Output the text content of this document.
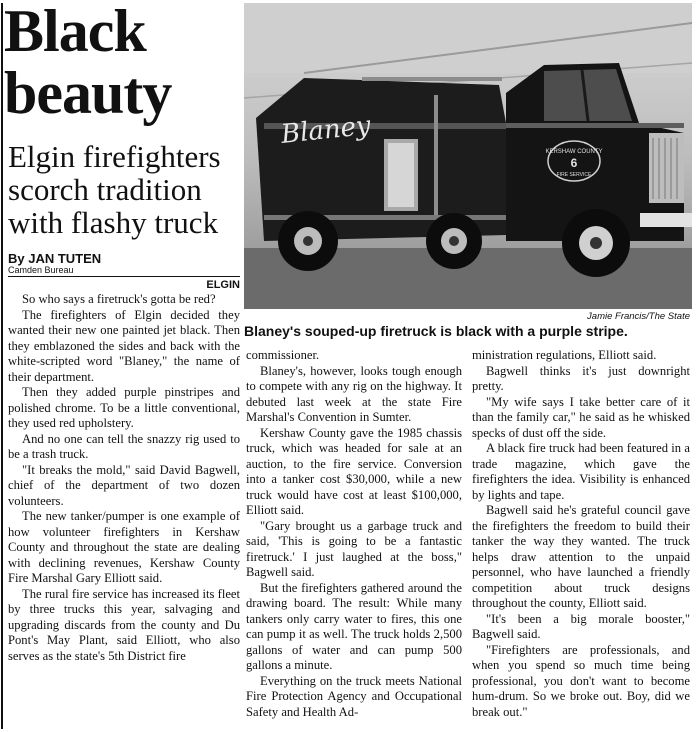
Black
beauty
Elgin firefighters
scorch tradition
with flashy truck
By JAN TUTEN
Camden Bureau
ELGIN

So who says a firetruck's gotta be red?

The firefighters of Elgin decided they wanted their new one painted jet black. Then they emblazoned the sides and back with the white-scripted word "Blaney," the name of their department.

Then they added purple pinstripes and polished chrome. To be a little conventional, they used red upholstery.

And no one can tell the snazzy rig used to be a trash truck.

"It breaks the mold," said David Bagwell, chief of the department of two dozen volunteers.

The new tanker/pumper is one example of how volunteer firefighters in Kershaw County and throughout the state are dealing with declining revenues, Kershaw County Fire Marshal Gary Elliott said.

The rural fire service has increased its fleet by three trucks this year, salvaging and upgrading discards from the county and Du Pont's May Plant, said Elliott, who also serves as the state's 5th District fire

Blaney
KERSHAW COUNTY
6
FIRE SERVICE
Jamie Francis/The State
Blaney's souped-up firetruck is black with a purple stripe.

commissioner.

Blaney's, however, looks tough enough to compete with any rig on the highway. It debuted last week at the state Fire Marshal's Convention in Sumter.

Kershaw County gave the 1985 chassis truck, which was headed for sale at an auction, to the fire service. Conversion into a tanker cost $30,000, while a new truck would have cost at least $100,000, Elliott said.

"Gary brought us a garbage truck and said, 'This is going to be a fantastic firetruck.' I just laughed at the boss," Bagwell said.

But the firefighters gathered around the drawing board. The result: While many tankers only carry water to fires, this one can pump it as well. The truck holds 2,500 gallons of water and can pump 500 gallons a minute.

Everything on the truck meets National Fire Protection Agency and Occupational Safety and Health Ad-

ministration regulations, Elliott said.

Bagwell thinks it's just downright pretty.

"My wife says I take better care of it than the family car," he said as he whisked specks of dust off the side.

A black fire truck had been featured in a trade magazine, which gave the firefighters the idea. Visibility is enhanced by lights and tape.

Bagwell said he's grateful council gave the firefighters the freedom to build their tanker the way they wanted. The truck helps draw attention to the unpaid personnel, who have launched a friendly competition about truck designs throughout the county, Elliott said.

"It's been a big morale booster," Bagwell said.

"Firefighters are professionals, and when you spend so much time being professional, you don't want to become hum-drum. So we broke out. Boy, did we break out."
